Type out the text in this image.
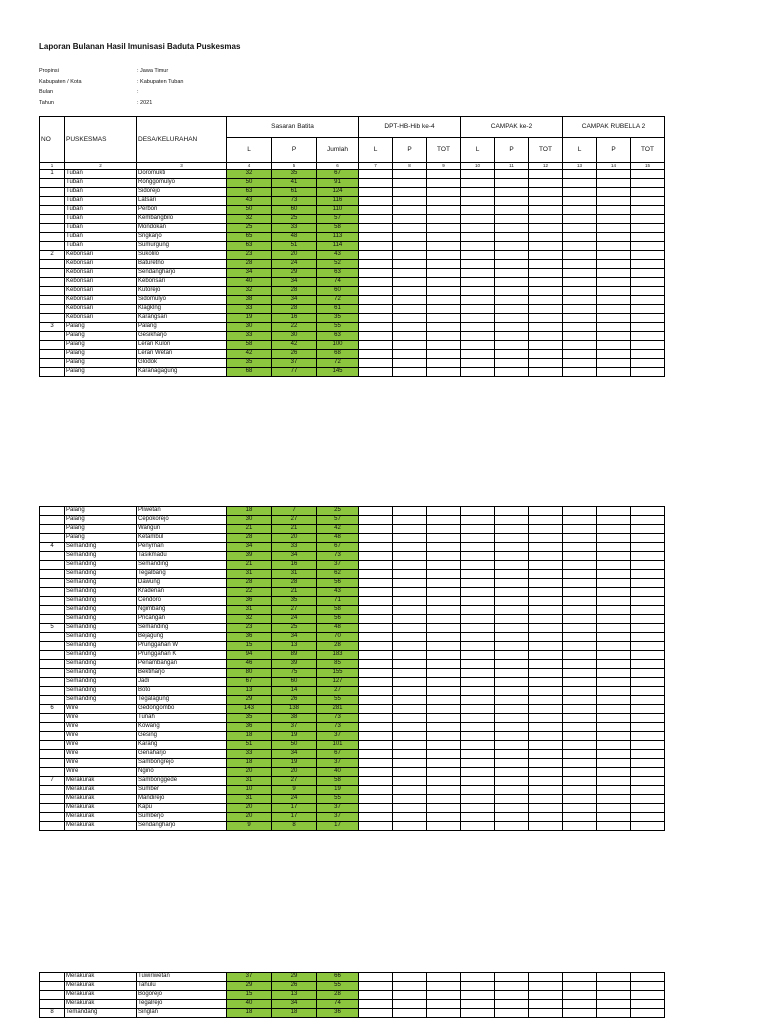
Laporan Bulanan Hasil Imunisasi Baduta Puskesmas
Propinsi	: Jawa Timur
Kabupaten / Kota	: Kabupaten Tuban
Bulan	:
Tahun	: 2021
NO	PUSKESMAS	DESA/KELURAHAN	Sasaran Batita			DPT-HB-Hib ke-4			CAMPAK ke-2			CAMPAK RUBELLA 2		
			L	P	Jumlah	L	P	TOT	L	P	TOT	L	P	TOT
1	2	3	4	5	6	7	8	9	10	11	12	13	14	15
1	Tuban	Doromukti	32	35	67									
	Tuban	Ronggomulyo	50	41	91									
	Tuban	Sidorejo	63	61	124									
	Tuban	Latsari	43	73	116									
	Tuban	Perbon	50	60	110									
	Tuban	Kembangbilo	32	25	57									
	Tuban	Mondokan	25	33	58									
	Tuban	Sngkarjo	65	48	113									
	Tuban	Sumurgung	63	51	114									
2	Kebonsari	Sukolilo	23	20	43									
	Kebonsari	Baturetno	28	24	52									
	Kebonsari	Sendangharjo	34	29	63									
	Kebonsari	Kebonsari	40	34	74									
	Kebonsari	Kutorejo	32	28	60									
	Kebonsari	Sidomulyo	38	34	72									
	Kebonsari	Klagklng	33	28	61									
	Kebonsari	Karangsari	19	16	35									
3	Palang	Palang	30	22	55									
	Palang	Gesikharjo	33	30	63									
	Palang	Leran Kulon	58	42	100									
	Palang	Leran Wetan	42	26	68									
	Palang	Glodok	35	37	72									
	Palang	Karanagagung	68	77	145									
	Palang	Pliwetan	18	7	25									
	Palang	Cepokorejo	30	27	57									
	Palang	Wangun	21	21	42									
	Palang	Ketambul	28	20	48									
4	Semanding	Penyrnan	34	33	67									
	Semanding	Tasikmadu	39	34	73									
	Semanding	Semanding	21	16	37									
	Semanding	Tegalbang	31	31	62									
	Semanding	Dawung	28	28	56									
	Semanding	Kradenan	22	21	43									
	Semanding	Cendoro	36	35	71									
	Semanding	Ngimbang	31	27	58									
	Semanding	Pncangan	32	24	56									
5	Semanding	Semanding	23	25	48									
	Semanding	Bejagung	36	34	70									
	Semanding	Prunggahan W	15	13	28									
	Semanding	Prunggahan K	94	89	183									
	Semanding	Penambangan	46	39	85									
	Semanding	Bektiharjo	80	75	155									
	Semanding	Jadi	67	60	127									
	Semanding	Boto	13	14	27									
	Semanding	Tegalagung	29	26	55									
6	Wire	Gedongombo	143	138	281									
	Wire	Tunah	35	38	73									
	Wire	Kowang	36	37	73									
	Wire	Gesing	18	19	37									
	Wire	Karang	51	50	101									
	Wire	Genaharjo	33	34	67									
	Wire	Sambongrejo	18	19	37									
	Wire	Ngino	20	20	40									
7	Merakurak	Sambonggede	31	27	58									
	Merakurak	Sumber	10	9	19									
	Merakurak	Mandirejo	31	24	55									
	Merakurak	Kapu	20	17	37									
	Merakurak	Sumberjo	20	17	37									
	Merakurak	Sendangharjo	9	8	17									
	Merakurak	Tuwiriwetan	37	29	66									
	Merakurak	Tahulu	29	26	55									
	Merakurak	Bogorejo	15	13	28									
	Merakurak	Tegalrejo	40	34	74									
8	Temandang	Singlan	18	18	36									
